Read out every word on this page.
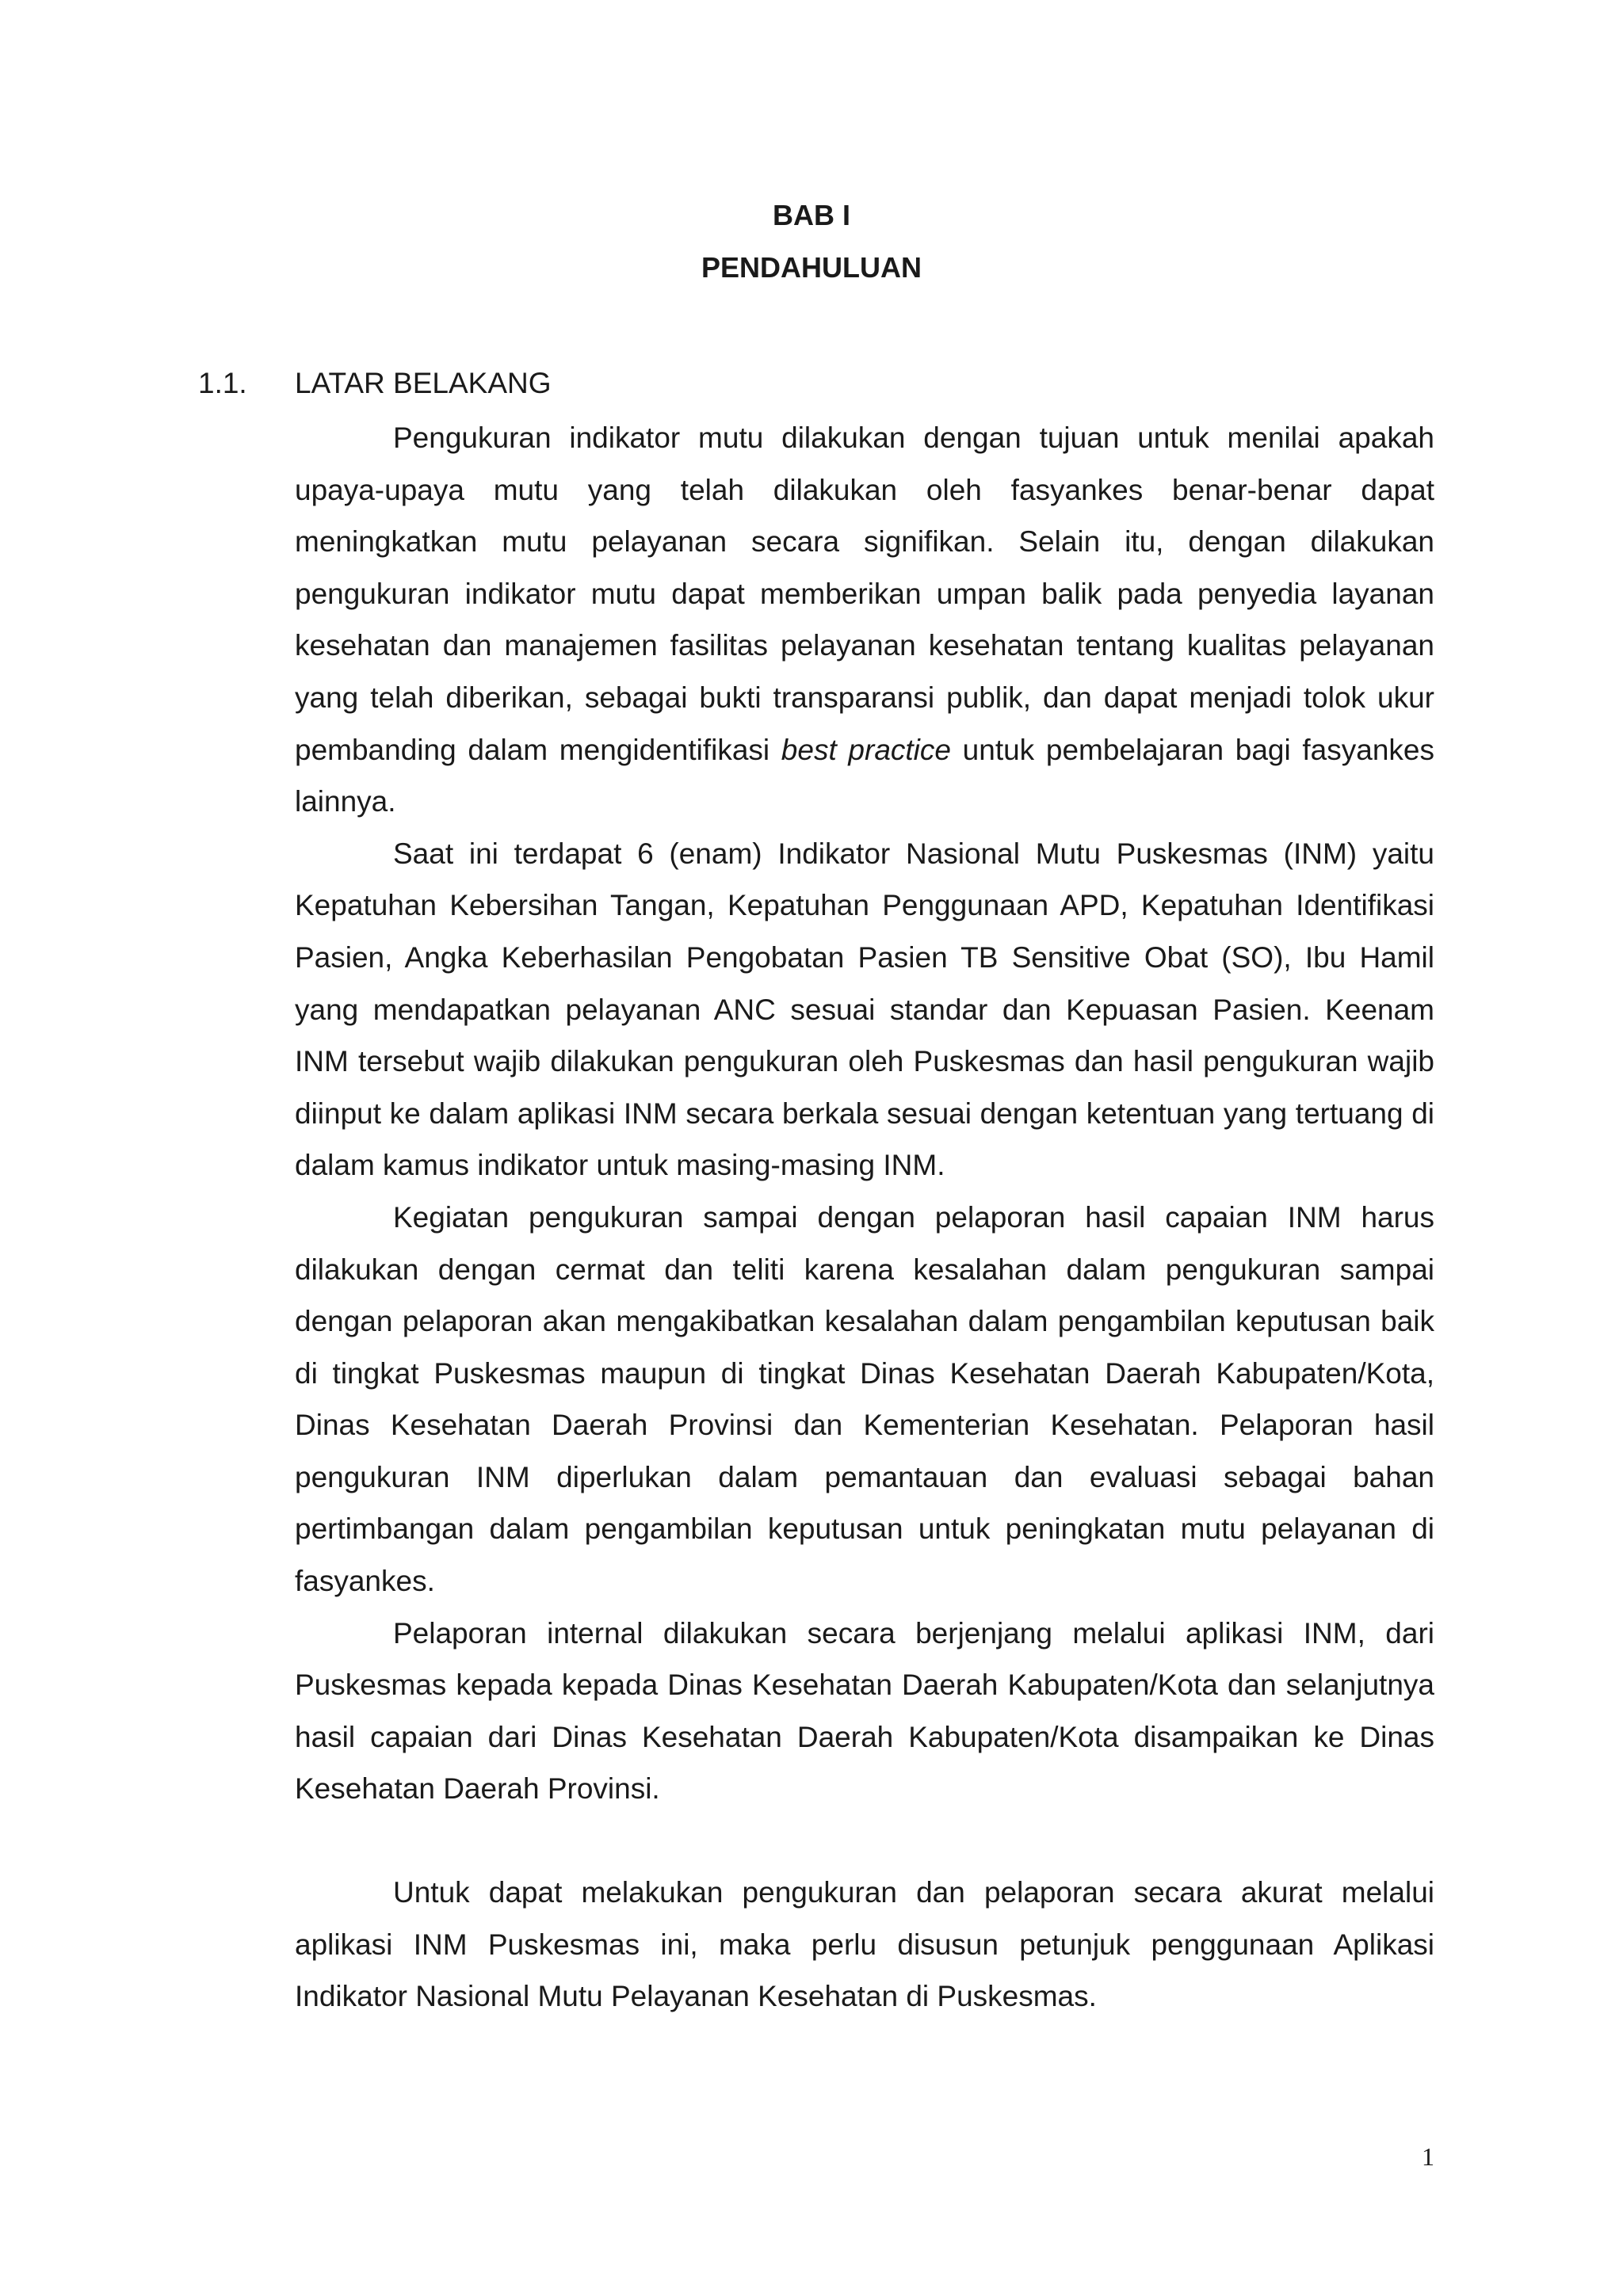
BAB I
PENDAHULUAN
1.1. LATAR BELAKANG

Pengukuran indikator mutu dilakukan dengan tujuan untuk menilai apakah upaya-upaya mutu yang telah dilakukan oleh fasyankes benar-benar dapat meningkatkan mutu pelayanan secara signifikan. Selain itu, dengan dilakukan pengukuran indikator mutu dapat memberikan umpan balik pada penyedia layanan kesehatan dan manajemen fasilitas pelayanan kesehatan tentang kualitas pelayanan yang telah diberikan, sebagai bukti transparansi publik, dan dapat menjadi tolok ukur pembanding dalam mengidentifikasi best practice untuk pembelajaran bagi fasyankes lainnya.

Saat ini terdapat 6 (enam) Indikator Nasional Mutu Puskesmas (INM) yaitu Kepatuhan Kebersihan Tangan, Kepatuhan Penggunaan APD, Kepatuhan Identifikasi Pasien, Angka Keberhasilan Pengobatan Pasien TB Sensitive Obat (SO), Ibu Hamil yang mendapatkan pelayanan ANC sesuai standar dan Kepuasan Pasien. Keenam INM tersebut wajib dilakukan pengukuran oleh Puskesmas dan hasil pengukuran wajib diinput ke dalam aplikasi INM secara berkala sesuai dengan ketentuan yang tertuang di dalam kamus indikator untuk masing-masing INM.

Kegiatan pengukuran sampai dengan pelaporan hasil capaian INM harus dilakukan dengan cermat dan teliti karena kesalahan dalam pengukuran sampai dengan pelaporan akan mengakibatkan kesalahan dalam pengambilan keputusan baik di tingkat Puskesmas maupun di tingkat Dinas Kesehatan Daerah Kabupaten/Kota, Dinas Kesehatan Daerah Provinsi dan Kementerian Kesehatan. Pelaporan hasil pengukuran INM diperlukan dalam pemantauan dan evaluasi sebagai bahan pertimbangan dalam pengambilan keputusan untuk peningkatan mutu pelayanan di fasyankes.

Pelaporan internal dilakukan secara berjenjang melalui aplikasi INM, dari Puskesmas kepada kepada Dinas Kesehatan Daerah Kabupaten/Kota dan selanjutnya hasil capaian dari Dinas Kesehatan Daerah Kabupaten/Kota disampaikan ke Dinas Kesehatan Daerah Provinsi.

Untuk dapat melakukan pengukuran dan pelaporan secara akurat melalui aplikasi INM Puskesmas ini, maka perlu disusun petunjuk penggunaan Aplikasi Indikator Nasional Mutu Pelayanan Kesehatan di Puskesmas.

1
